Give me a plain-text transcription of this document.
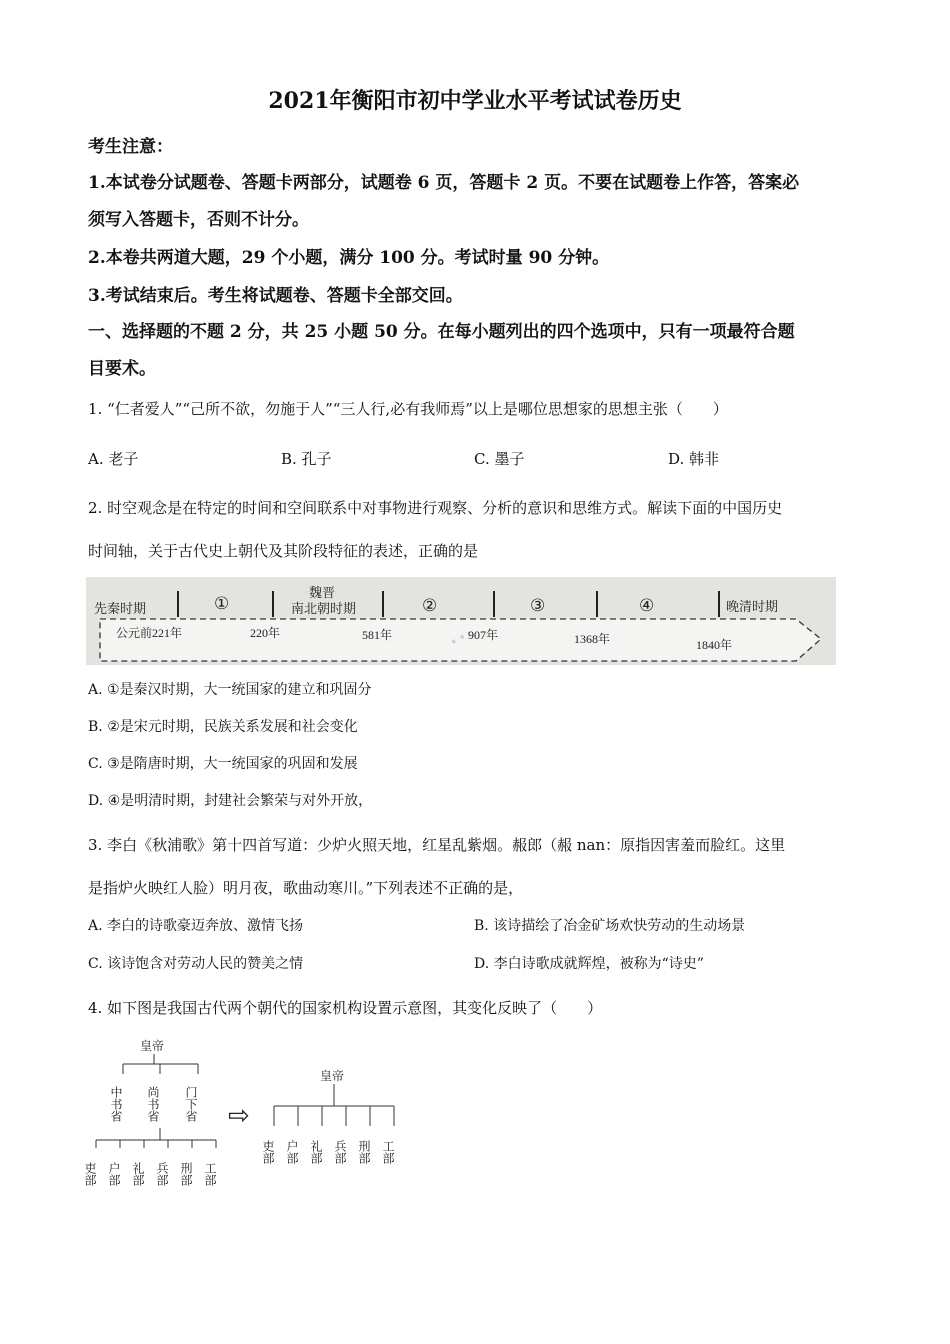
2021年衡阳市初中学业水平考试试卷历史
考生注意：
1.本试卷分试题卷、答题卡两部分，试题卷 6 页，答题卡 2 页。不要在试题卷上作答，答案必
须写入答题卡，否则不计分。
2.本卷共两道大题，29 个小题，满分 100 分。考试时量 90 分钟。
3.考试结束后。考生将试题卷、答题卡全部交回。
一、选择题的不题 2 分，共 25 小题 50 分。在每小题列出的四个选项中，只有一项最符合题
目要术。
1. “仁者爱人”“己所不欲，勿施于人”“三人行,必有我师焉”以上是哪位思想家的思想主张（　　）
A. 老子	B. 孔子	C. 墨子	D. 韩非
2. 时空观念是在特定的时间和空间联系中对事物进行观察、分析的意识和思维方式。解读下面的中国历史
时间轴，关于古代史上朝代及其阶段特征的表述，正确的是
··
先秦时期	①
魏晋
南北朝时期	②	③	④	晚清时期
公元前221年	220年	581年	907年	1368年	1840年
A. ①是秦汉时期，大一统国家的建立和巩固分
B. ②是宋元时期，民族关系发展和社会变化
C. ③是隋唐时期，大一统国家的巩固和发展
D. ④是明清时期，封建社会繁荣与对外开放，
3. 李白《秋浦歌》第十四首写道：少炉火照天地，红星乱紫烟。赧郎（赧 nan：原指因害羞而脸红。这里
是指炉火映红人脸）明月夜，歌曲动寒川。”下列表述不正确的是，
A. 李白的诗歌豪迈奔放、激情飞扬	B. 该诗描绘了冶金矿场欢快劳动的生动场景
C. 该诗饱含对劳动人民的赞美之情	D. 李白诗歌成就辉煌，被称为“诗史”
4. 如下图是我国古代两个朝代的国家机构设置示意图，其变化反映了（　　）
皇帝
中书省 尚书省 门下省
吏部 户部 礼部 兵部 刑部 工部
⇨
皇帝
吏部 户部 礼部 兵部 刑部 工部
